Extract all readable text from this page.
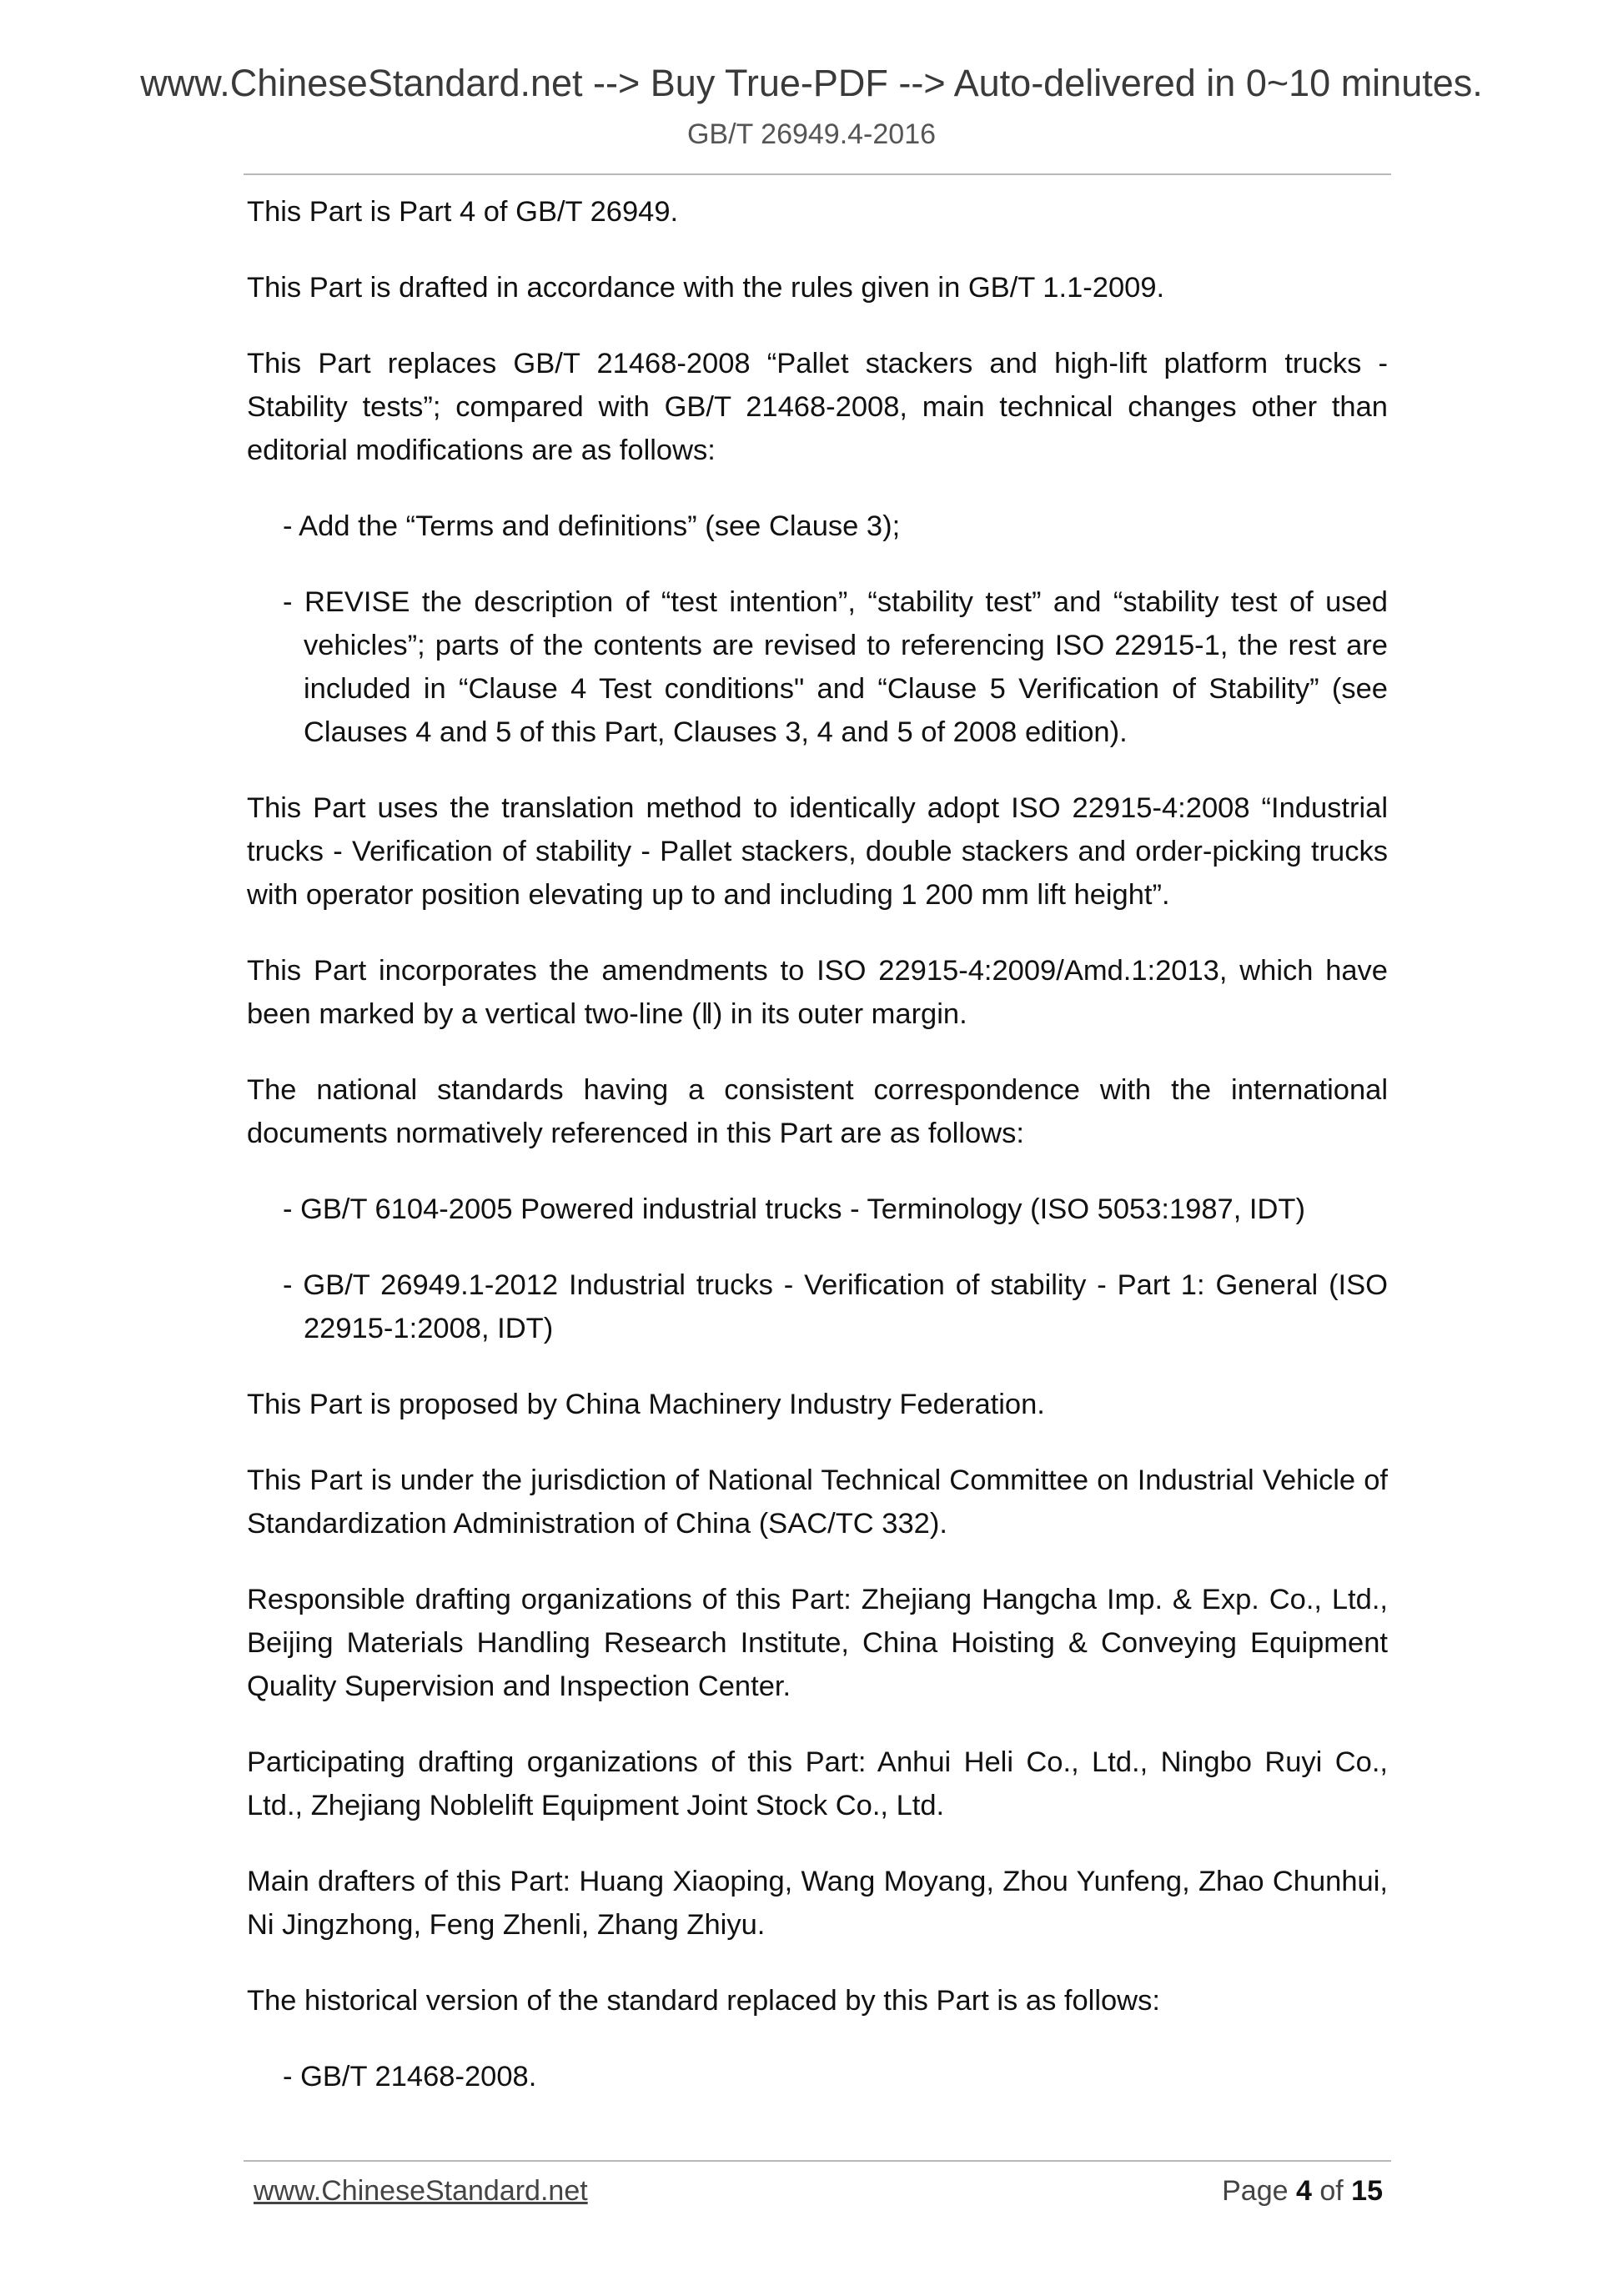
www.ChineseStandard.net --> Buy True-PDF --> Auto-delivered in 0~10 minutes.
GB/T 26949.4-2016

This Part is Part 4 of GB/T 26949.

This Part is drafted in accordance with the rules given in GB/T 1.1-2009.

This Part replaces GB/T 21468-2008 “Pallet stackers and high-lift platform trucks - Stability tests”; compared with GB/T 21468-2008, main technical changes other than editorial modifications are as follows:

- Add the “Terms and definitions” (see Clause 3);

- REVISE the description of “test intention”, “stability test” and “stability test of used vehicles”; parts of the contents are revised to referencing ISO 22915-1, the rest are included in “Clause 4 Test conditions" and “Clause 5 Verification of Stability” (see Clauses 4 and 5 of this Part, Clauses 3, 4 and 5 of 2008 edition).

This Part uses the translation method to identically adopt ISO 22915-4:2008 “Industrial trucks - Verification of stability - Pallet stackers, double stackers and order-picking trucks with operator position elevating up to and including 1 200 mm lift height”.

This Part incorporates the amendments to ISO 22915-4:2009/Amd.1:2013, which have been marked by a vertical two-line (‖) in its outer margin.

The national standards having a consistent correspondence with the international documents normatively referenced in this Part are as follows:

- GB/T 6104-2005 Powered industrial trucks - Terminology (ISO 5053:1987, IDT)

- GB/T 26949.1-2012 Industrial trucks - Verification of stability - Part 1: General (ISO 22915-1:2008, IDT)

This Part is proposed by China Machinery Industry Federation.

This Part is under the jurisdiction of National Technical Committee on Industrial Vehicle of Standardization Administration of China (SAC/TC 332).

Responsible drafting organizations of this Part: Zhejiang Hangcha Imp. & Exp. Co., Ltd., Beijing Materials Handling Research Institute, China Hoisting & Conveying Equipment Quality Supervision and Inspection Center.

Participating drafting organizations of this Part: Anhui Heli Co., Ltd., Ningbo Ruyi Co., Ltd., Zhejiang Noblelift Equipment Joint Stock Co., Ltd.

Main drafters of this Part: Huang Xiaoping, Wang Moyang, Zhou Yunfeng, Zhao Chunhui, Ni Jingzhong, Feng Zhenli, Zhang Zhiyu.

The historical version of the standard replaced by this Part is as follows:

- GB/T 21468-2008.

www.ChineseStandard.net	Page 4 of 15
